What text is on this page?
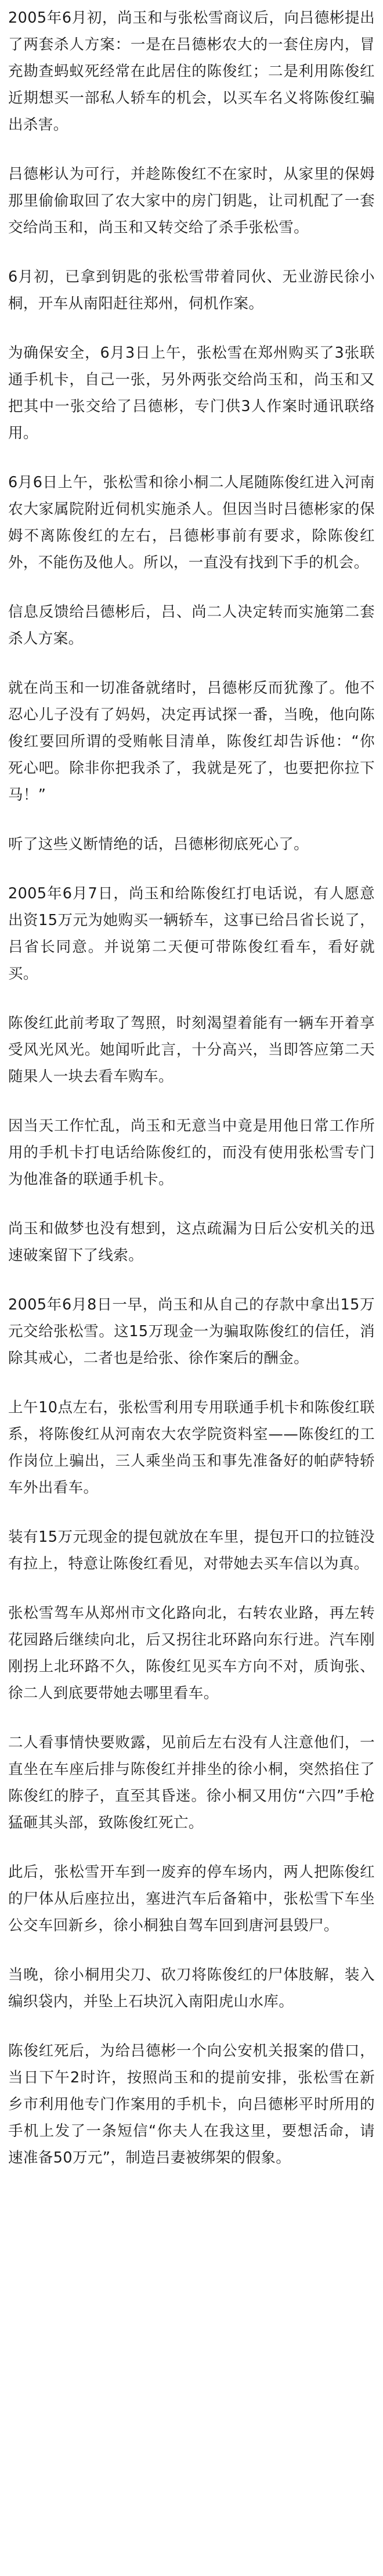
2005年6月初，尚玉和与张松雪商议后，向吕德彬提出了两套杀人方案：一是在吕德彬农大的一套住房内，冒充勘查蚂蚁死经常在此居住的陈俊红；二是利用陈俊红近期想买一部私人轿车的机会，以买车名义将陈俊红骗出杀害。

吕德彬认为可行，并趁陈俊红不在家时，从家里的保姆那里偷偷取回了农大家中的房门钥匙，让司机配了一套交给尚玉和，尚玉和又转交给了杀手张松雪。

6月初，已拿到钥匙的张松雪带着同伙、无业游民徐小桐，开车从南阳赶往郑州，伺机作案。

为确保安全，6月3日上午，张松雪在郑州购买了3张联通手机卡，自己一张，另外两张交给尚玉和，尚玉和又把其中一张交给了吕德彬，专门供3人作案时通讯联络用。

6月6日上午，张松雪和徐小桐二人尾随陈俊红进入河南农大家属院附近伺机实施杀人。但因当时吕德彬家的保姆不离陈俊红的左右，吕德彬事前有要求，除陈俊红外，不能伤及他人。所以，一直没有找到下手的机会。

信息反馈给吕德彬后，吕、尚二人决定转而实施第二套杀人方案。

就在尚玉和一切准备就绪时，吕德彬反而犹豫了。他不忍心儿子没有了妈妈，决定再试探一番，当晚，他向陈俊红要回所谓的受贿帐目清单，陈俊红却告诉他：“你死心吧。除非你把我杀了，我就是死了，也要把你拉下马！”

听了这些义断情绝的话，吕德彬彻底死心了。

2005年6月7日，尚玉和给陈俊红打电话说，有人愿意出资15万元为她购买一辆轿车，这事已给吕省长说了，吕省长同意。并说第二天便可带陈俊红看车，看好就买。

陈俊红此前考取了驾照，时刻渴望着能有一辆车开着享受风光风光。她闻听此言，十分高兴，当即答应第二天随果人一块去看车购车。

因当天工作忙乱，尚玉和无意当中竟是用他日常工作所用的手机卡打电话给陈俊红的，而没有使用张松雪专门为他准备的联通手机卡。

尚玉和做梦也没有想到，这点疏漏为日后公安机关的迅速破案留下了线索。

2005年6月8日一早，尚玉和从自己的存款中拿出15万元交给张松雪。这15万现金一为骗取陈俊红的信任，消除其戒心，二者也是给张、徐作案后的酬金。

上午10点左右，张松雪利用专用联通手机卡和陈俊红联系，将陈俊红从河南农大农学院资料室——陈俊红的工作岗位上骗出，三人乘坐尚玉和事先准备好的帕萨特轿车外出看车。

装有15万元现金的提包就放在车里，提包开口的拉链没有拉上，特意让陈俊红看见，对带她去买车信以为真。

张松雪驾车从郑州市文化路向北，右转农业路，再左转花园路后继续向北，后又拐往北环路向东行进。汽车刚刚拐上北环路不久，陈俊红见买车方向不对，质询张、徐二人到底要带她去哪里看车。

二人看事情快要败露，见前后左右没有人注意他们，一直坐在车座后排与陈俊红并排坐的徐小桐，突然掐住了陈俊红的脖子，直至其昏迷。徐小桐又用仿“六四”手枪猛砸其头部，致陈俊红死亡。

此后，张松雪开车到一废弃的停车场内，两人把陈俊红的尸体从后座拉出，塞进汽车后备箱中，张松雪下车坐公交车回新乡，徐小桐独自驾车回到唐河县毁尸。

当晚，徐小桐用尖刀、砍刀将陈俊红的尸体肢解，装入编织袋内，并坠上石块沉入南阳虎山水库。

陈俊红死后，为给吕德彬一个向公安机关报案的借口，当日下午2时许，按照尚玉和的提前安排，张松雪在新乡市利用他专门作案用的手机卡，向吕德彬平时所用的手机上发了一条短信“你夫人在我这里，要想活命，请速准备50万元”，制造吕妻被绑架的假象。
